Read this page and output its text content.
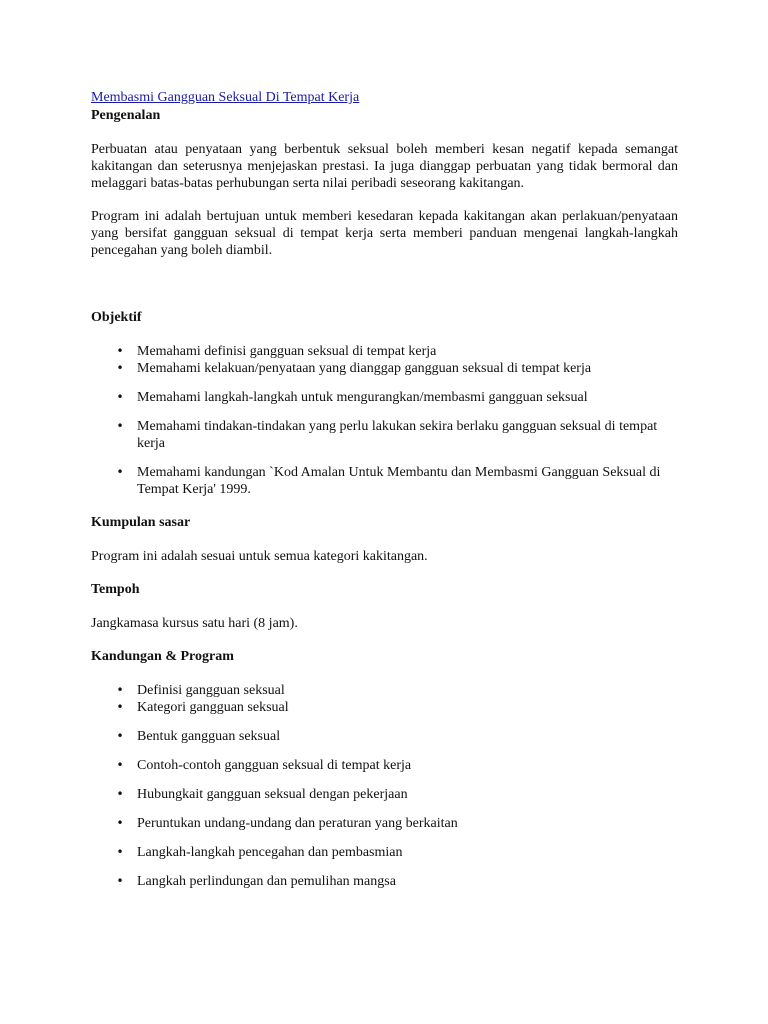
Membasmi Gangguan Seksual Di Tempat Kerja

Pengenalan

Perbuatan atau penyataan yang berbentuk seksual boleh memberi kesan negatif kepada semangat kakitangan dan seterusnya menjejaskan prestasi. Ia juga dianggap perbuatan yang tidak bermoral dan melaggari batas-batas perhubungan serta nilai peribadi seseorang kakitangan.

Program ini adalah bertujuan untuk memberi kesedaran kepada kakitangan akan perlakuan/penyataan yang bersifat gangguan seksual di tempat kerja serta memberi panduan mengenai langkah-langkah pencegahan yang boleh diambil.

Objektif

•
Memahami definisi gangguan seksual di tempat kerja
•
Memahami kelakuan/penyataan yang dianggap gangguan seksual di tempat kerja
•
Memahami langkah-langkah untuk mengurangkan/membasmi gangguan seksual
•
Memahami tindakan-tindakan yang perlu lakukan sekira berlaku gangguan seksual di tempat kerja
•
Memahami kandungan `Kod Amalan Untuk Membantu dan Membasmi Gangguan Seksual di Tempat Kerja' 1999.

Kumpulan sasar

Program ini adalah sesuai untuk semua kategori kakitangan.

Tempoh

Jangkamasa kursus satu hari (8 jam).

Kandungan & Program

•
Definisi gangguan seksual
•
Kategori gangguan seksual
•
Bentuk gangguan seksual
•
Contoh-contoh gangguan seksual di tempat kerja
•
Hubungkait gangguan seksual dengan pekerjaan
•
Peruntukan undang-undang dan peraturan yang berkaitan
•
Langkah-langkah pencegahan dan pembasmian
•
Langkah perlindungan dan pemulihan mangsa
